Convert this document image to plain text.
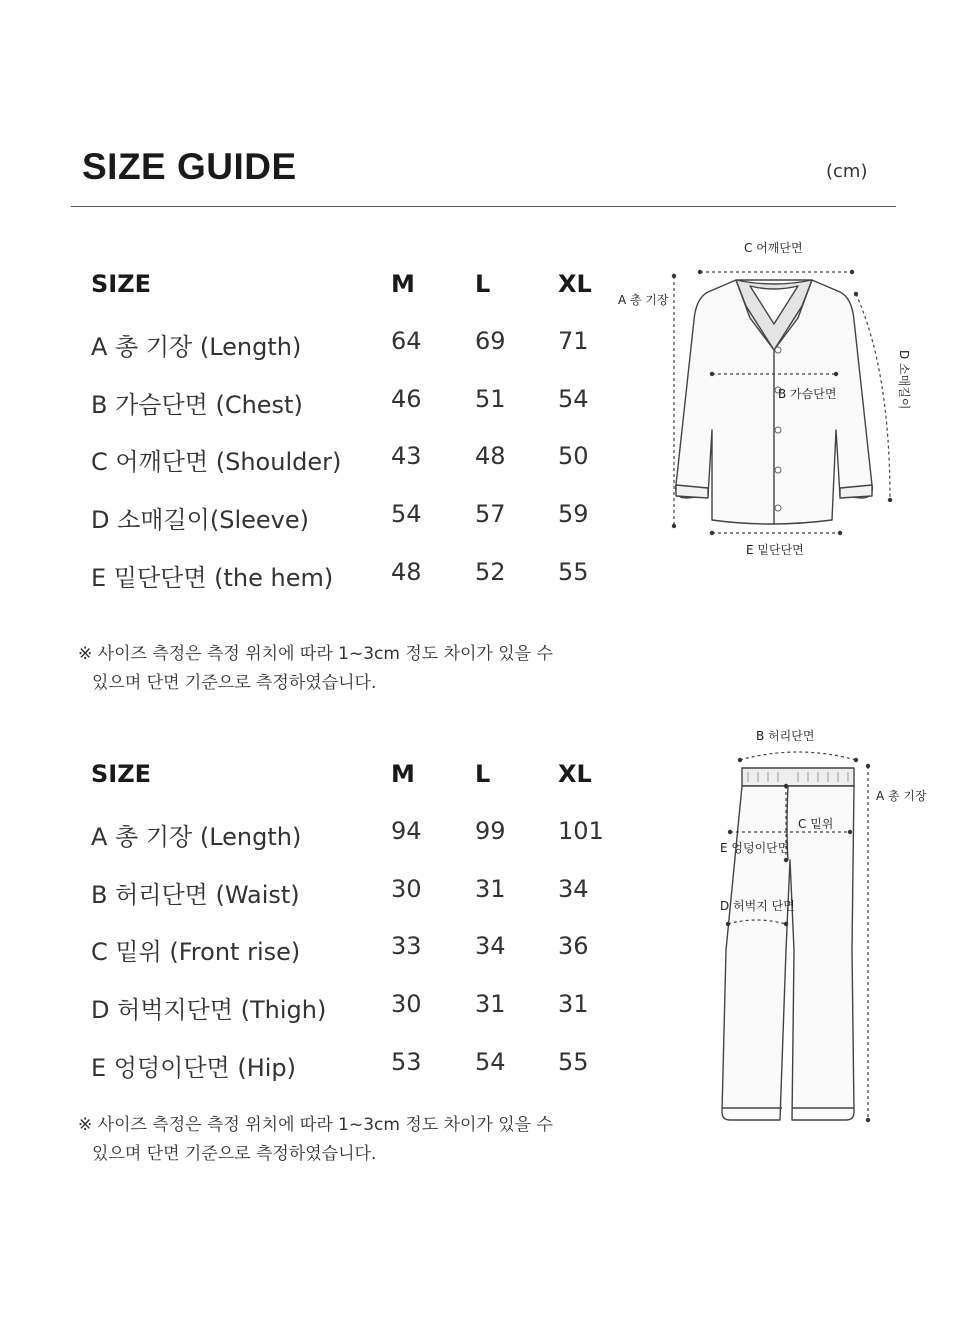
SIZE GUIDE	(cm)
SIZE	M	L	XL
A 총 기장 (Length)	64 69 71
B 가슴단면 (Chest)	46 51 54
C 어깨단면 (Shoulder) 43 48 50
D 소매길이(Sleeve)	54 57 59
E 밑단단면 (the hem) 48 52 55
※ 사이즈 측정은 측정 위치에 따라 1~3cm 정도 차이가 있을 수
있으며 단면 기준으로 측정하였습니다.
C 어깨단면
A 총 기장
B 가슴단면
E 밑단단면
D 소매길이
SIZE	M	L	XL
A 총 기장 (Length)	94 99 101
B 허리단면 (Waist)	30 31 34
C 밑위 (Front rise)	33 34 36
D 허벅지단면 (Thigh)	30 31 31
E 엉덩이단면 (Hip)	53 54 55
※ 사이즈 측정은 측정 위치에 따라 1~3cm 정도 차이가 있을 수
있으며 단면 기준으로 측정하였습니다.
B 허리단면
A 총 기장
C 밑위
E 엉덩이단면
D 허벅지 단면
